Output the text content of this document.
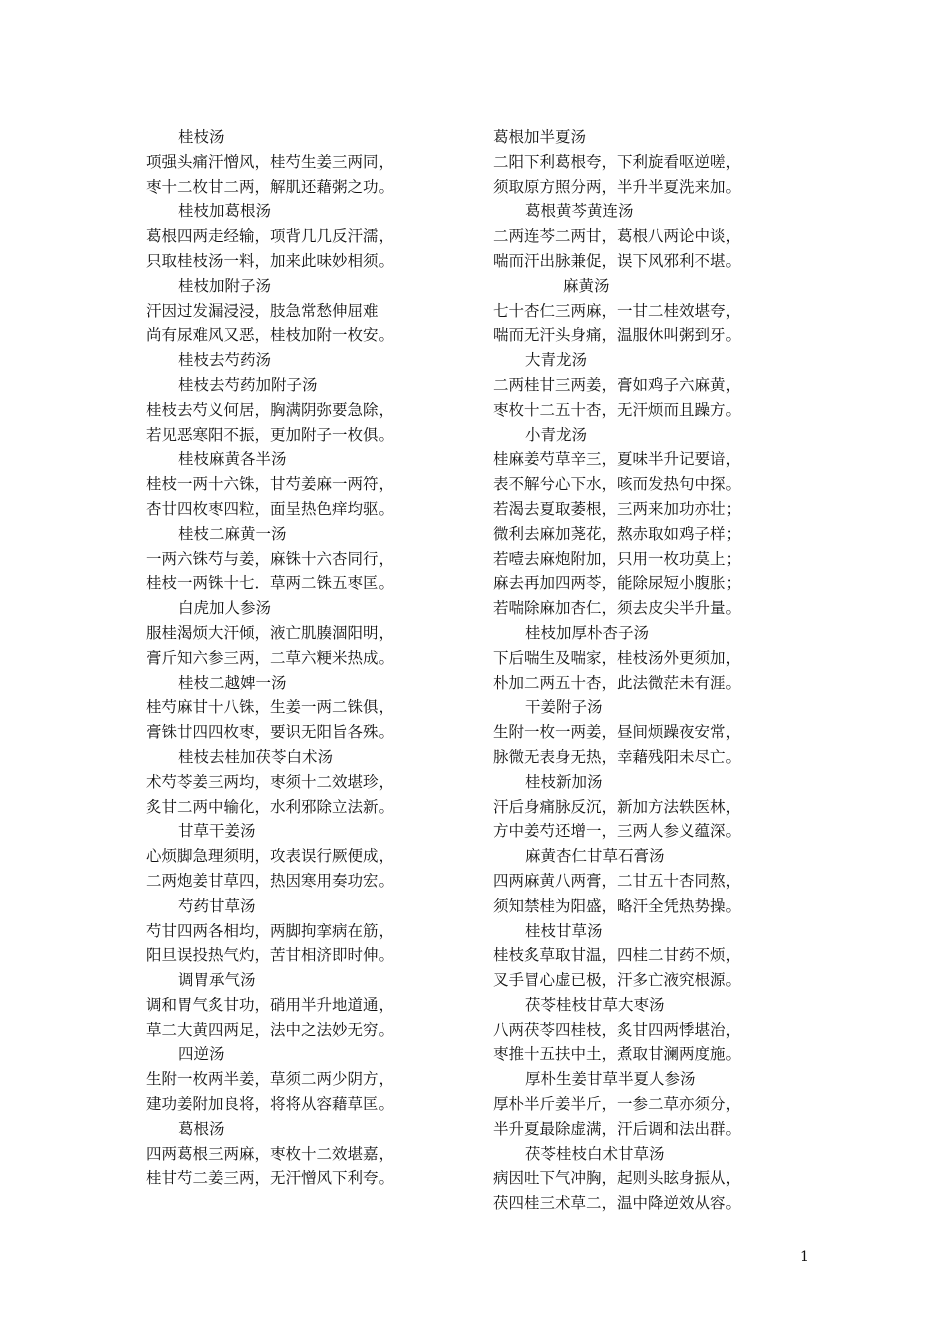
桂枝汤
项强头痛汗憎风，桂芍生姜三两同，
枣十二枚甘二两，解肌还藉粥之功。
桂枝加葛根汤
葛根四两走经输，项背几几反汗濡，
只取桂枝汤一料，加来此味妙相须。
桂枝加附子汤
汗因过发漏浸浸，肢急常愁伸屈难
尚有尿难风又恶，桂枝加附一枚安。
桂枝去芍药汤
桂枝去芍药加附子汤
桂枝去芍义何居，胸满阴弥要急除，
若见恶寒阳不振，更加附子一枚俱。
桂枝麻黄各半汤
桂枝一两十六铢，甘芍姜麻一两符，
杏廿四枚枣四粒，面呈热色痒均驱。
桂枝二麻黄一汤
一两六铢芍与姜，麻铢十六杏同行，
桂枝一两铢十七．草两二铢五枣匡。
白虎加人参汤
服桂渴烦大汗倾，液亡肌腠涸阳明，
膏斤知六参三两，二草六粳米热成。
桂枝二越婢一汤
桂芍麻甘十八铢，生姜一两二铢俱，
膏铢廿四四枚枣，要识无阳旨各殊。
桂枝去桂加茯苓白术汤
术芍苓姜三两均，枣须十二效堪珍，
炙甘二两中输化，水利邪除立法新。
甘草干姜汤
心烦脚急理须明，攻表误行厥便成，
二两炮姜甘草四，热因寒用奏功宏。
芍药甘草汤
芍甘四两各相均，两脚拘挛病在筋，
阳旦误投热气灼，苦甘相济即时伸。
调胃承气汤
调和胃气炙甘功，硝用半升地道通，
草二大黄四两足，法中之法妙无穷。
四逆汤
生附一枚两半姜，草须二两少阴方，
建功姜附加良将，将将从容藉草匡。
葛根汤
四两葛根三两麻，枣枚十二效堪嘉，
桂甘芍二姜三两，无汗憎风下利夸。
葛根加半夏汤
二阳下利葛根夸，下利旋看呕逆嗟，
须取原方照分两，半升半夏洗来加。
葛根黄芩黄连汤
二两连芩二两甘，葛根八两论中谈，
喘而汗出脉兼促，误下风邪利不堪。
麻黄汤
七十杏仁三两麻，一甘二桂效堪夸，
喘而无汗头身痛，温服休叫粥到牙。
大青龙汤
二两桂甘三两姜，膏如鸡子六麻黄，
枣枚十二五十杏，无汗烦而且躁方。
小青龙汤
桂麻姜芍草辛三，夏味半升记要谙，
表不解兮心下水，咳而发热句中探。
若渴去夏取萎根，三两来加功亦壮；
微利去麻加荛花，熬赤取如鸡子样；
若噎去麻炮附加，只用一枚功莫上；
麻去再加四两苓，能除尿短小腹胀；
若喘除麻加杏仁，须去皮尖半升量。
桂枝加厚朴杏子汤
下后喘生及喘家，桂枝汤外更须加，
朴加二两五十杏，此法微茫未有涯。
干姜附子汤
生附一枚一两姜，昼间烦躁夜安常，
脉微无表身无热，幸藉残阳未尽亡。
桂枝新加汤
汗后身痛脉反沉，新加方法轶医林，
方中姜芍还增一，三两人参义蕴深。
麻黄杏仁甘草石膏汤
四两麻黄八两膏，二甘五十杏同熬，
须知禁桂为阳盛，略汗全凭热势操。
桂枝甘草汤
桂枝炙草取甘温，四桂二甘药不烦，
叉手冒心虚已极，汗多亡液究根源。
茯苓桂枝甘草大枣汤
八两茯苓四桂枝，炙甘四两悸堪治，
枣推十五扶中土，煮取甘澜两度施。
厚朴生姜甘草半夏人参汤
厚朴半斤姜半斤，一参二草亦须分，
半升夏最除虚满，汗后调和法出群。
茯苓桂枝白术甘草汤
病因吐下气冲胸，起则头眩身振从，
茯四桂三术草二，温中降逆效从容。
1
